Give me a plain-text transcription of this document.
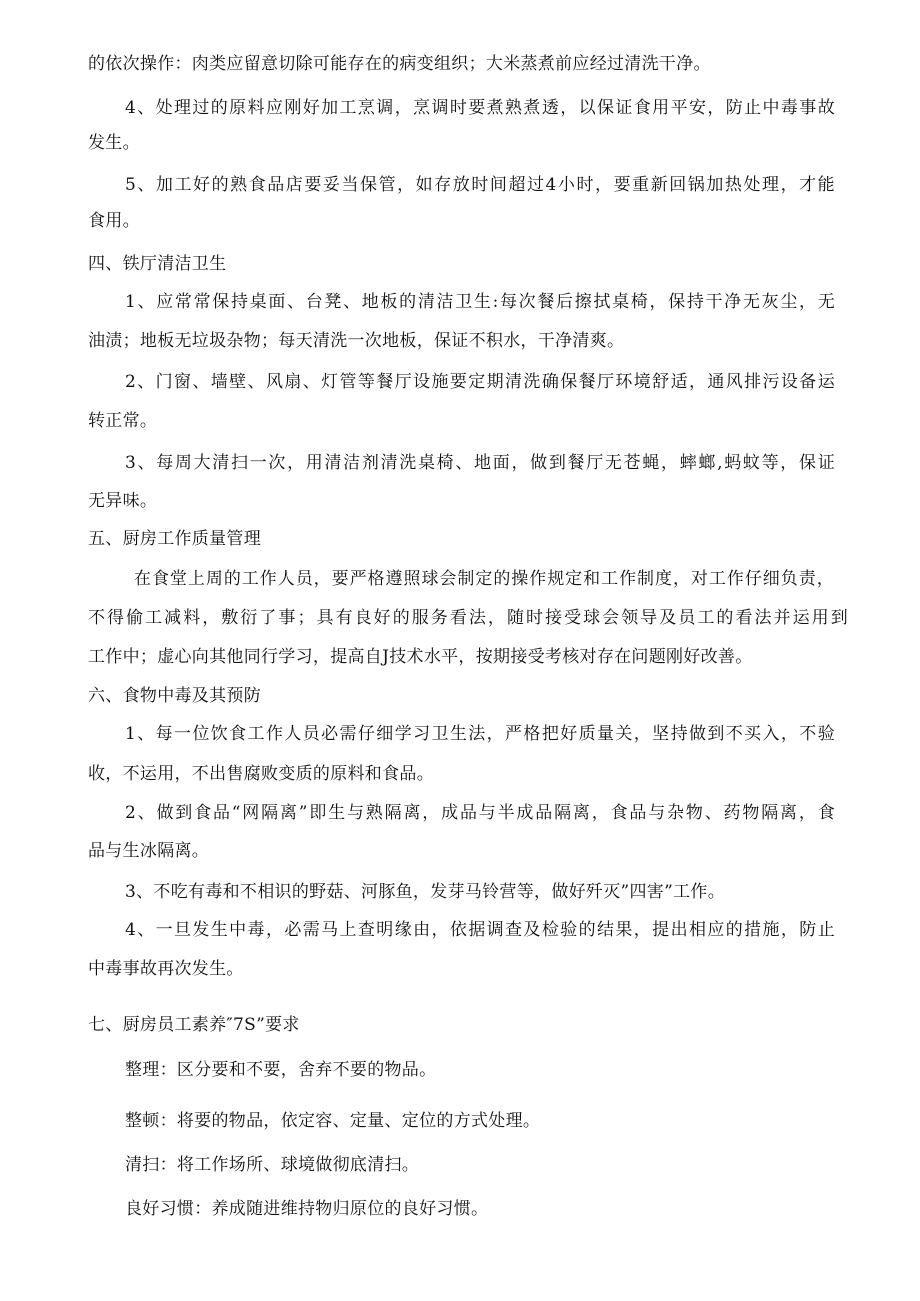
的依次操作：肉类应留意切除可能存在的病变组织；大米蒸煮前应经过清洗干净。
4、处理过的原料应刚好加工烹调，烹调时要煮熟煮透，以保证食用平安，防止中毒事故
发生。
5、加工好的熟食品店要妥当保管，如存放时间超过4小时，要重新回锅加热处理，才能
食用。
四、铁厅清洁卫生
1、应常常保持桌面、台凳、地板的清洁卫生:每次餐后擦拭桌椅，保持干净无灰尘，无
油渍；地板无垃圾杂物；每天清洗一次地板，保证不积水，干净清爽。
2、门窗、墙壁、风扇、灯管等餐厅设施要定期清洗确保餐厅环境舒适，通风排污设备运
转正常。
3、每周大清扫一次，用清洁剂清洗桌椅、地面，做到餐厅无苍蝇，蟀螂,蚂蚊等，保证
无异味。
五、厨房工作质量管理
在食堂上周的工作人员，要严格遵照球会制定的操作规定和工作制度，对工作仔细负责，
不得偷工减料，敷衍了事；具有良好的服务看法，随时接受球会领导及员工的看法并运用到
工作中；虚心向其他同行学习，提高自J技术水平，按期接受考核对存在问题刚好改善。
六、食物中毒及其预防
1、每一位饮食工作人员必需仔细学习卫生法，严格把好质量关，坚持做到不买入，不验
收，不运用，不出售腐败变质的原料和食品。
2、做到食品“网隔离”即生与熟隔离，成品与半成品隔离，食品与杂物、药物隔离，食
品与生冰隔离。
3、不吃有毒和不相识的野菇、河豚鱼，发芽马铃营等，做好歼灭”四害”工作。
4、一旦发生中毒，必需马上查明缘由，依据调查及检验的结果，提出相应的措施，防止
中毒事故再次发生。
七、厨房员工素养″7S”要求
整理：区分要和不要，舍弃不要的物品。
整顿：将要的物品，依定容、定量、定位的方式处理。
清扫：将工作场所、球境做彻底清扫。
良好习惯：养成随进维持物归原位的良好习惯。
